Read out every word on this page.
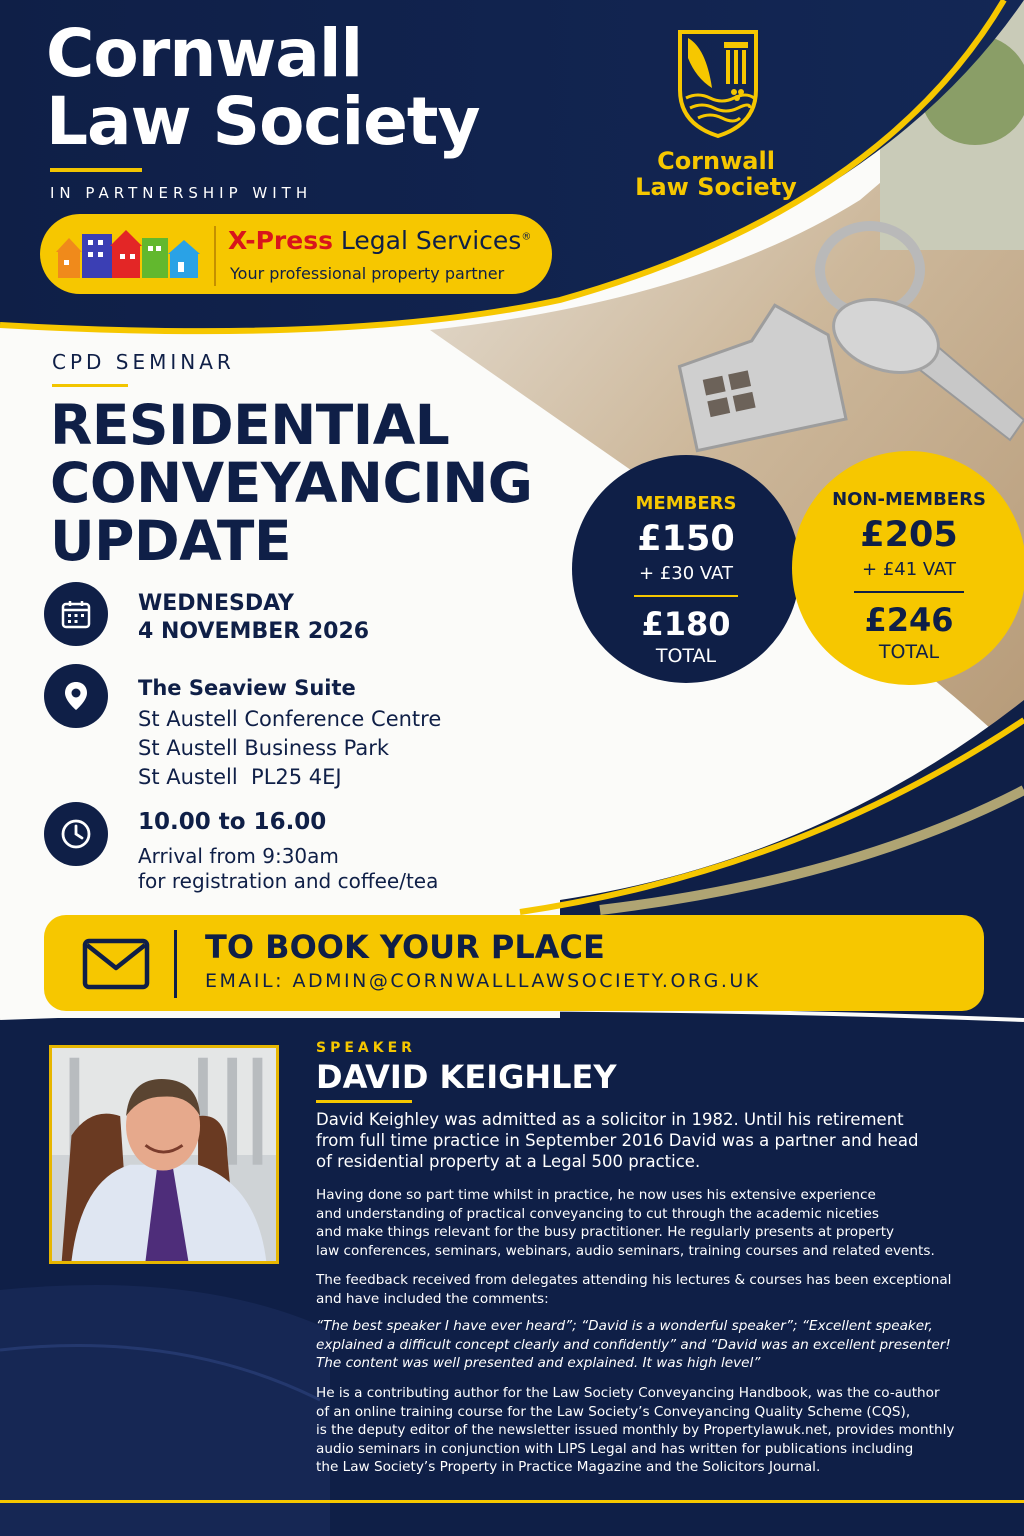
Cornwall
Law Society
IN PARTNERSHIP WITH
X-Press Legal Services®
Your professional property partner
Cornwall
Law Society
CPD SEMINAR
RESIDENTIAL
CONVEYANCING
UPDATE
WEDNESDAY
4 NOVEMBER 2026
The Seaview Suite
St Austell Conference Centre
St Austell Business Park
St Austell  PL25 4EJ
10.00 to 16.00
Arrival from 9:30am
for registration and coffee/tea
MEMBERS
£150
+ £30 VAT
£180
TOTAL
NON-MEMBERS
£205
+ £41 VAT
£246
TOTAL
TO BOOK YOUR PLACE
EMAIL: ADMIN@CORNWALLLAWSOCIETY.ORG.UK
SPEAKER
DAVID KEIGHLEY
David Keighley was admitted as a solicitor in 1982. Until his retirement
from full time practice in September 2016 David was a partner and head
of residential property at a Legal 500 practice.
Having done so part time whilst in practice, he now uses his extensive experience
and understanding of practical conveyancing to cut through the academic niceties
and make things relevant for the busy practitioner. He regularly presents at property
law conferences, seminars, webinars, audio seminars, training courses and related events.
The feedback received from delegates attending his lectures & courses has been exceptional
and have included the comments:
“The best speaker I have ever heard”; “David is a wonderful speaker”; “Excellent speaker,
explained a difficult concept clearly and confidently” and “David was an excellent presenter!
The content was well presented and explained. It was high level”
He is a contributing author for the Law Society Conveyancing Handbook, was the co-author
of an online training course for the Law Society’s Conveyancing Quality Scheme (CQS),
is the deputy editor of the newsletter issued monthly by Propertylawuk.net, provides monthly
audio seminars in conjunction with LIPS Legal and has written for publications including
the Law Society’s Property in Practice Magazine and the Solicitors Journal.
